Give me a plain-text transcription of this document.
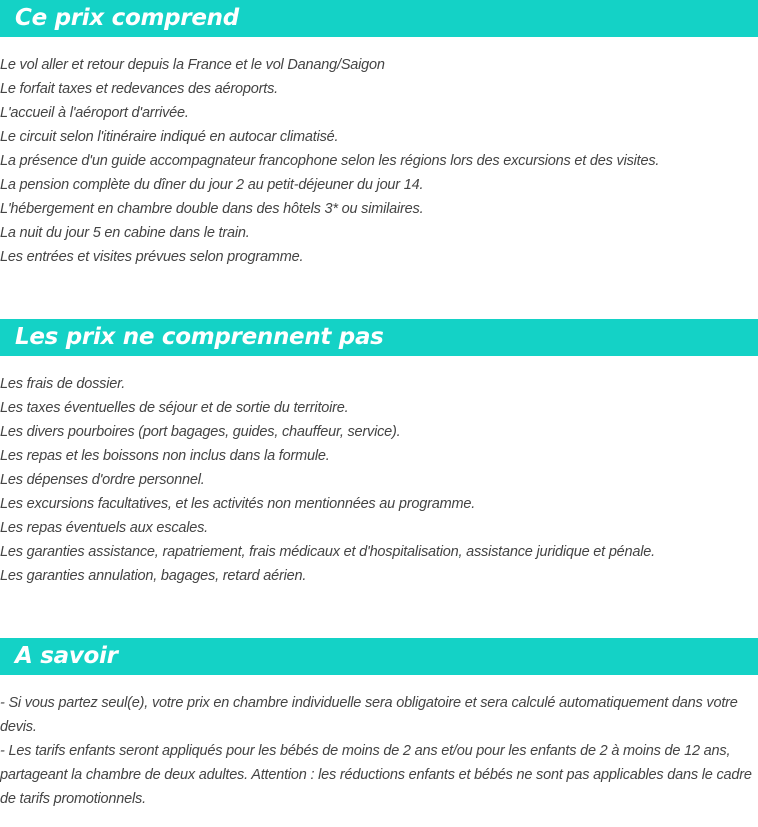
Ce prix comprend
Le vol aller et retour depuis la France et le vol Danang/Saigon
Le forfait taxes et redevances des aéroports.
L'accueil à l'aéroport d'arrivée.
Le circuit selon l'itinéraire indiqué en autocar climatisé.
La présence d'un guide accompagnateur francophone selon les régions lors des excursions et des visites.
La pension complète du dîner du jour 2 au petit-déjeuner du jour 14.
L'hébergement en chambre double dans des hôtels 3* ou similaires.
La nuit du jour 5 en cabine dans le train.
Les entrées et visites prévues selon programme.
Les prix ne comprennent pas
Les frais de dossier.
Les taxes éventuelles de séjour et de sortie du territoire.
Les divers pourboires (port bagages, guides, chauffeur, service).
Les repas et les boissons non inclus dans la formule.
Les dépenses d'ordre personnel.
Les excursions facultatives, et les activités non mentionnées au programme.
Les repas éventuels aux escales.
Les garanties assistance, rapatriement, frais médicaux et d'hospitalisation, assistance juridique et pénale.
Les garanties annulation, bagages, retard aérien.
A savoir

- Si vous partez seul(e), votre prix en chambre individuelle sera obligatoire et sera calculé automatiquement dans votre devis.

- Les tarifs enfants seront appliqués pour les bébés de moins de 2 ans et/ou pour les enfants de 2 à moins de 12 ans, partageant la chambre de deux adultes. Attention : les réductions enfants et bébés ne sont pas applicables dans le cadre de tarifs promotionnels.
